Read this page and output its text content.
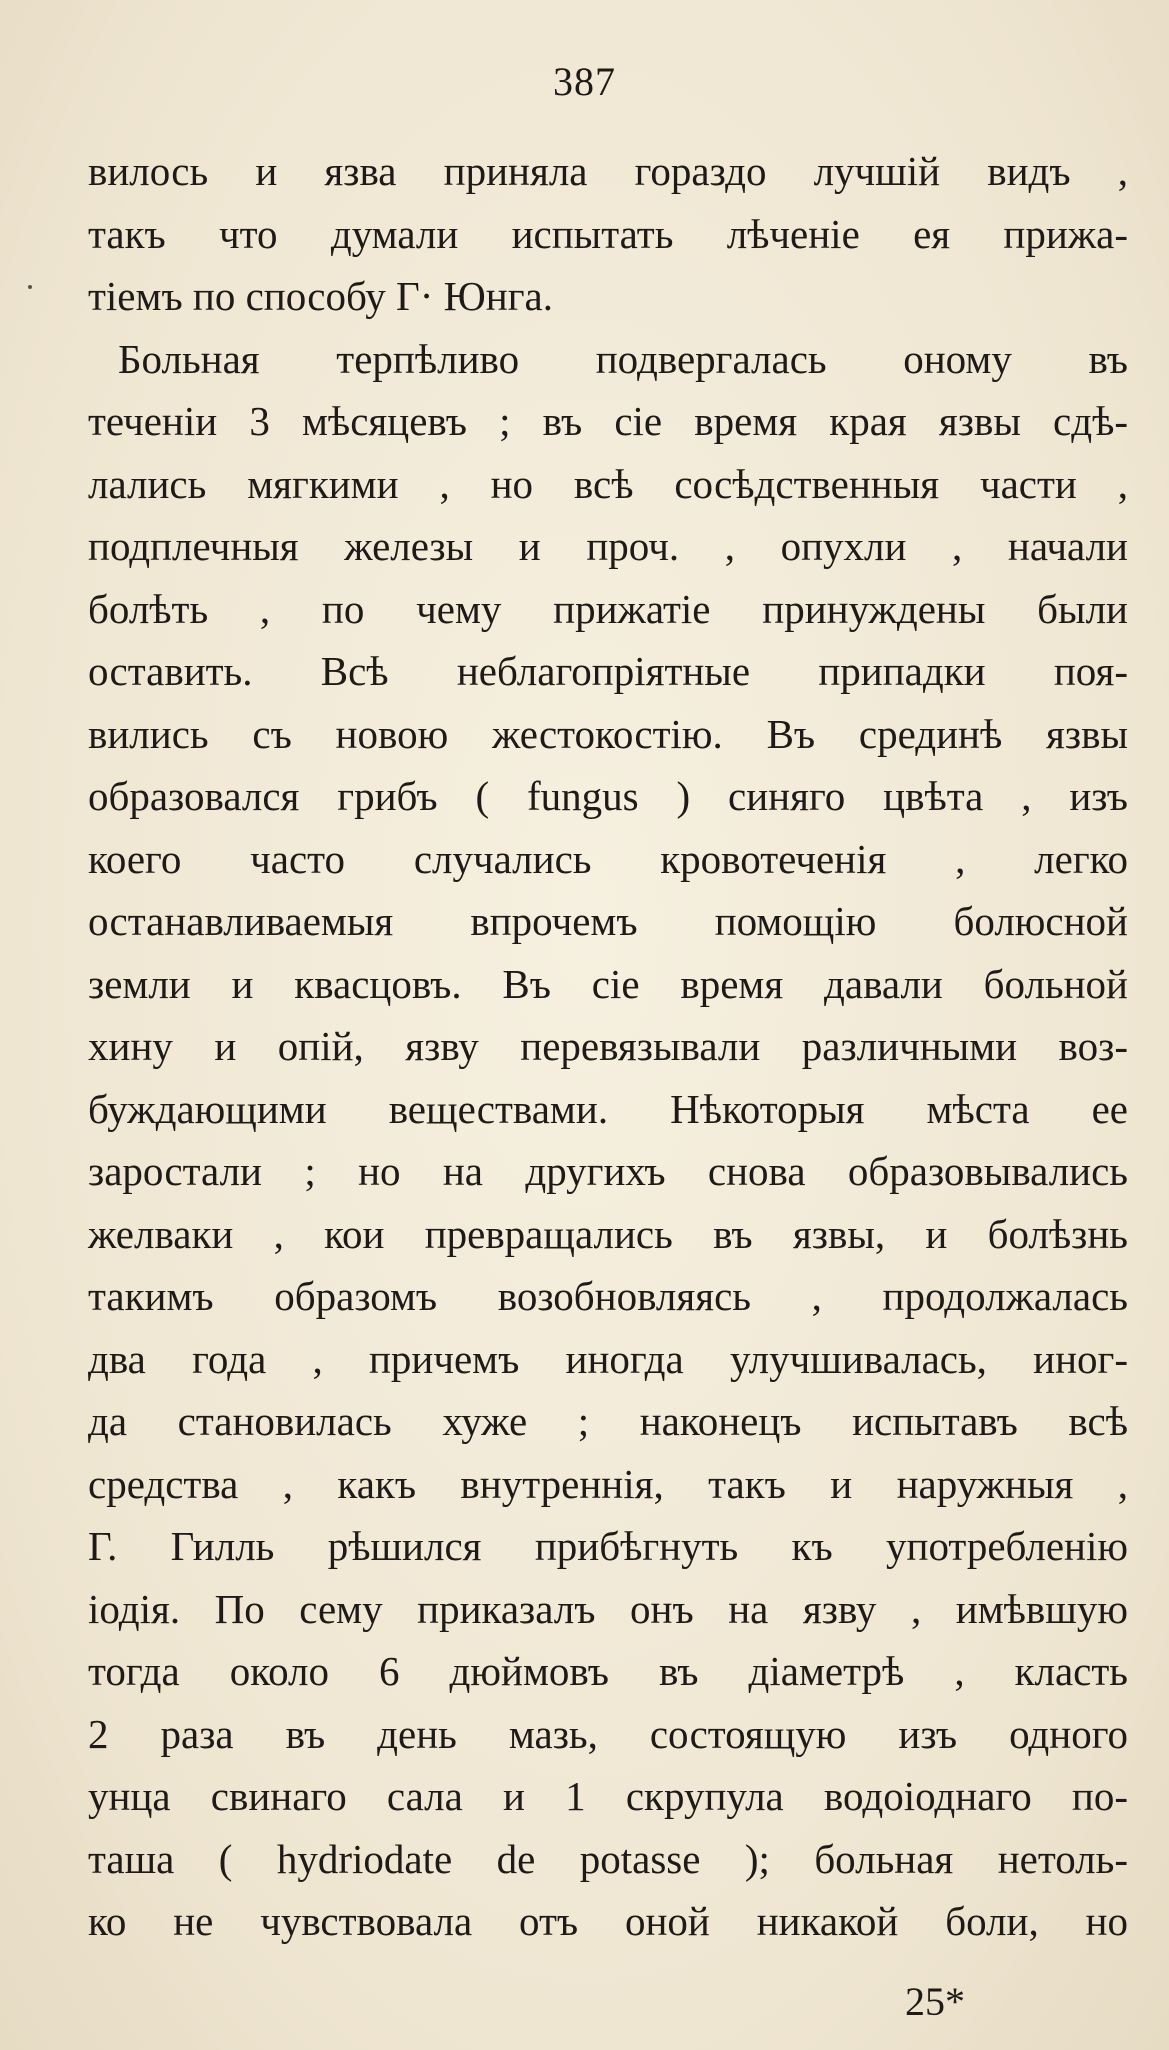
387
вилось и язва приняла гораздо лучшій видъ ,
такъ что думали испытать лѣченіе ея прижа-
тіемъ по способу Г· Юнга.
Больная терпѣливо подвергалась оному въ
теченіи 3 мѣсяцевъ ; въ сіе время края язвы сдѣ-
лались мягкими , но всѣ сосѣдственныя части ,
подплечныя железы и проч. , опухли , начали
болѣть , по чему прижатіе принуждены были
оставить. Всѣ неблагопріятные припадки поя-
вились съ новою жестокостію. Въ срединѣ язвы
образовался грибъ ( fungus ) синяго цвѣта , изъ
коего часто случались кровотеченія , легко
останавливаемыя впрочемъ помощію болюсной
земли и квасцовъ. Въ сіе время давали больной
хину и опій, язву перевязывали различными воз-
буждающими веществами. Нѣкоторыя мѣста ее
заростали ; но на другихъ снова образовывались
желваки , кои превращались въ язвы, и болѣзнь
такимъ образомъ возобновляясь , продолжалась
два года , причемъ иногда улучшивалась, иног-
да становилась хуже ; наконецъ испытавъ всѣ
средства , какъ внутреннія, такъ и наружныя ,
Г. Гилль рѣшился прибѣгнуть къ употребленію
іодія. По сему приказалъ онъ на язву , имѣвшую
тогда около 6 дюймовъ въ діаметрѣ , класть
2 раза въ день мазь, состоящую изъ одного
унца свинаго сала и 1 скрупула водоіоднаго по-
таша ( hydriodate de potasse ); больная нетоль-
ко не чувствовала отъ оной никакой боли, но
25*
